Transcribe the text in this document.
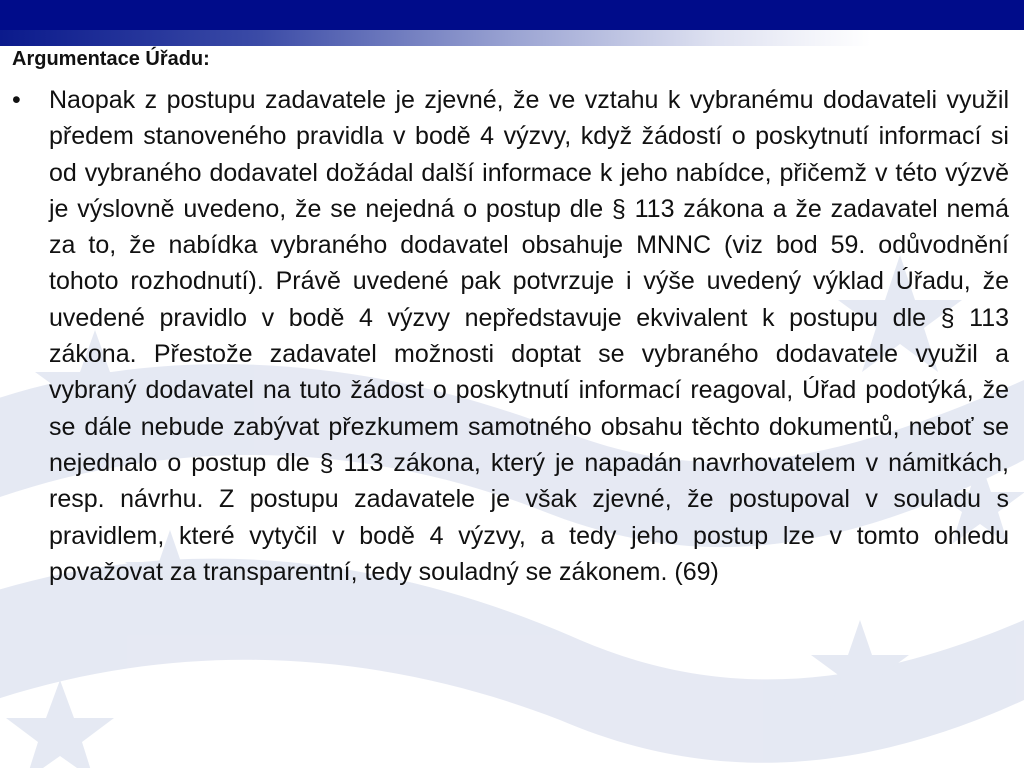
Argumentace Úřadu:
• Naopak z postupu zadavatele je zjevné, že ve vztahu k vybranému dodavateli využil předem stanoveného pravidla v bodě 4 výzvy, když žádostí o poskytnutí informací si od vybraného dodavatel dožádal další informace k jeho nabídce, přičemž v této výzvě je výslovně uvedeno, že se nejedná o postup dle § 113 zákona a že zadavatel nemá za to, že nabídka vybraného dodavatel obsahuje MNNC (viz bod 59. odůvodnění tohoto rozhodnutí). Právě uvedené pak potvrzuje i výše uvedený výklad Úřadu, že uvedené pravidlo v bodě 4 výzvy nepředstavuje ekvivalent k postupu dle § 113 zákona. Přestože zadavatel možnosti doptat se vybraného dodavatele využil a vybraný dodavatel na tuto žádost o poskytnutí informací reagoval, Úřad podotýká, že se dále nebude zabývat přezkumem samotného obsahu těchto dokumentů, neboť se nejednalo o postup dle § 113 zákona, který je napadán navrhovatelem v námitkách, resp. návrhu. Z postupu zadavatele je však zjevné, že postupoval v souladu s pravidlem, které vytyčil v bodě 4 výzvy, a tedy jeho postup lze v tomto ohledu považovat za transparentní, tedy souladný se zákonem. (69)
